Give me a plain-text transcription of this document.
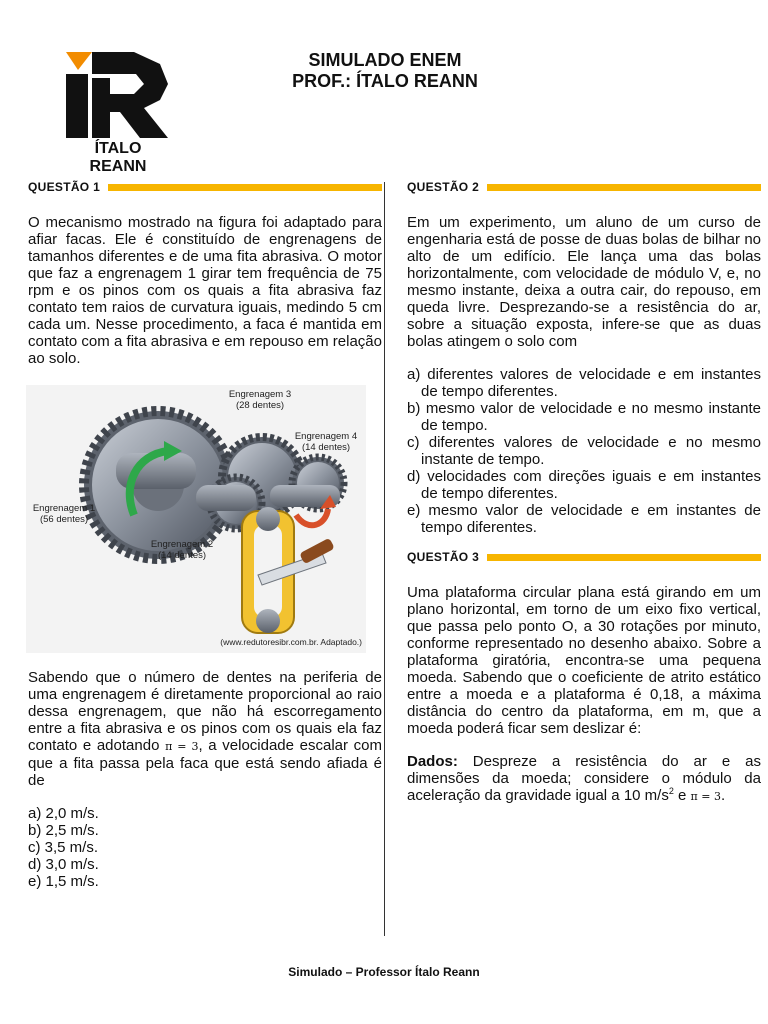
ÍTALO REANN
SIMULADO ENEM
PROF.: ÍTALO REANN
QUESTÃO 1

O mecanismo mostrado na figura foi adaptado para afiar facas. Ele é constituído de engrenagens de tamanhos diferentes e de uma fita abrasiva. O motor que faz a engrenagem 1 girar tem frequência de 75 rpm e os pinos com os quais a fita abrasiva faz contato tem raios de curvatura iguais, medindo 5 cm cada um. Nesse procedimento, a faca é mantida em contato com a fita abrasiva e em repouso em relação ao solo.

Engrenagem 3
(28 dentes)
Engrenagem 4
(14 dentes)
Engrenagem 1
(56 dentes)
Engrenagem 2
(14 dentes)
(www.redutoresibr.com.br. Adaptado.)

Sabendo que o número de dentes na periferia de uma engrenagem é diretamente proporcional ao raio dessa engrenagem, que não há escorregamento entre a fita abrasiva e os pinos com os quais ela faz contato e adotando π = 3, a velocidade escalar com que a fita passa pela faca que está sendo afiada é de

a) 2,0 m/s.
b) 2,5 m/s.
c) 3,5 m/s.
d) 3,0 m/s.
e) 1,5 m/s.
QUESTÃO 2

Em um experimento, um aluno de um curso de engenharia está de posse de duas bolas de bilhar no alto de um edifício. Ele lança uma das bolas horizontalmente, com velocidade de módulo V, e, no mesmo instante, deixa a outra cair, do repouso, em queda livre. Desprezando-se a resistência do ar, sobre a situação exposta, infere-se que as duas bolas atingem o solo com

a) diferentes valores de velocidade e em instantes de tempo diferentes.
b) mesmo valor de velocidade e no mesmo instante de tempo.
c) diferentes valores de velocidade e no mesmo instante de tempo.
d) velocidades com direções iguais e em instantes de tempo diferentes.
e) mesmo valor de velocidade e em instantes de tempo diferentes.
QUESTÃO 3

Uma plataforma circular plana está girando em um plano horizontal, em torno de um eixo fixo vertical, que passa pelo ponto O, a 30 rotações por minuto, conforme representado no desenho abaixo. Sobre a plataforma giratória, encontra-se uma pequena moeda. Sabendo que o coeficiente de atrito estático entre a moeda e a plataforma é 0,18, a máxima distância do centro da plataforma, em m, que a moeda poderá ficar sem deslizar é:

Dados: Despreze a resistência do ar e as dimensões da moeda; considere o módulo da aceleração da gravidade igual a 10 $m/s^2$ e π = 3.

Simulado – Professor Ítalo Reann
